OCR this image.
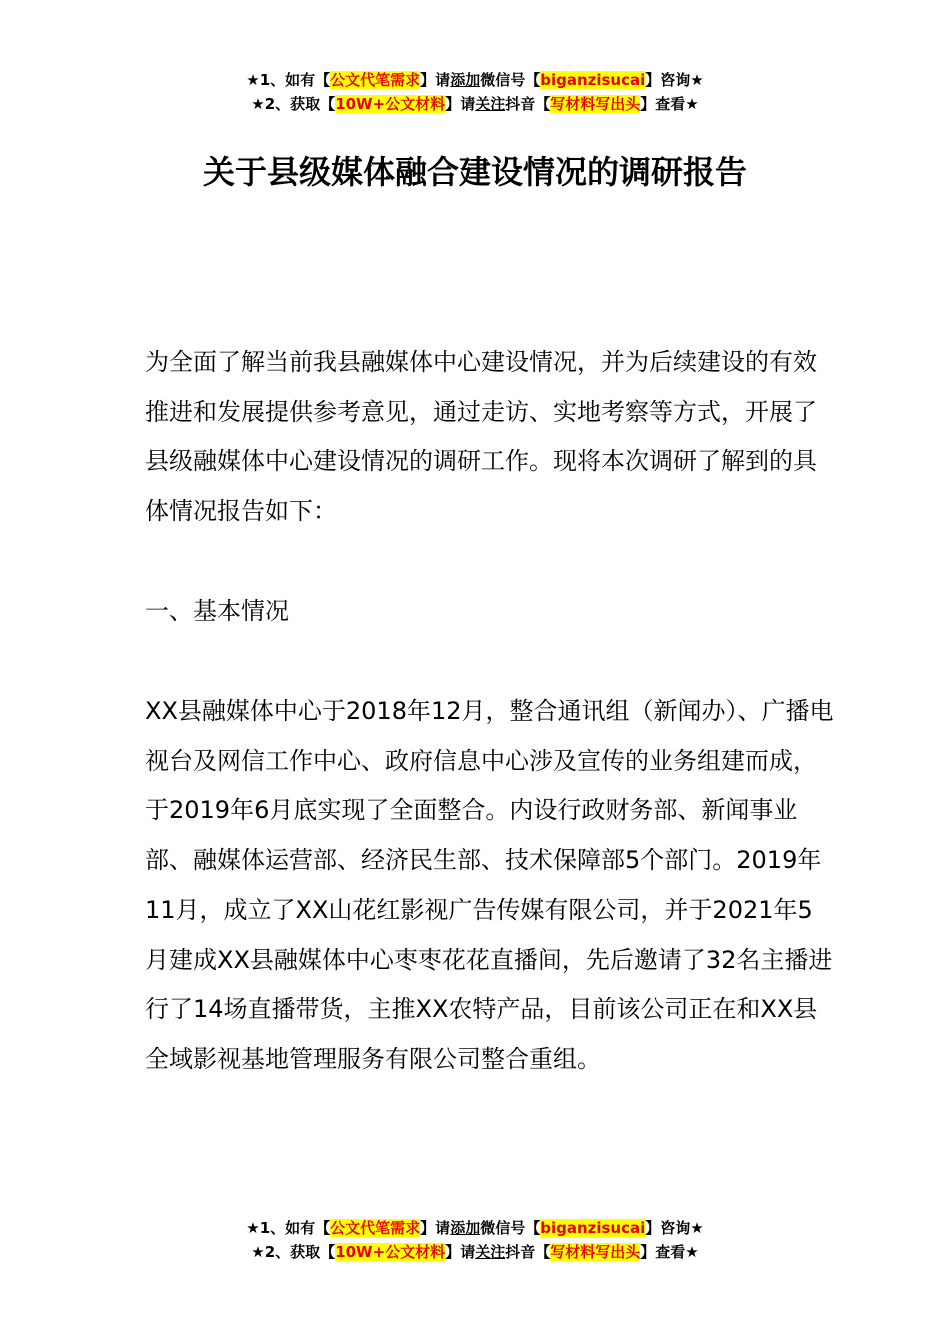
★1、如有【公文代笔需求】请添加微信号【biganzisucai】咨询★
★2、获取【10W+公文材料】请关注抖音【写材料写出头】查看★
关于县级媒体融合建设情况的调研报告

为全面了解当前我县融媒体中心建设情况，并为后续建设的有效推进和发展提供参考意见，通过走访、实地考察等方式，开展了县级融媒体中心建设情况的调研工作。现将本次调研了解到的具体情况报告如下：

一、基本情况

XX县融媒体中心于2018年12月，整合通讯组（新闻办）、广播电视台及网信工作中心、政府信息中心涉及宣传的业务组建而成，于2019年6月底实现了全面整合。内设行政财务部、新闻事业部、融媒体运营部、经济民生部、技术保障部5个部门。2019年11月，成立了XX山花红影视广告传媒有限公司，并于2021年5月建成XX县融媒体中心枣枣花花直播间，先后邀请了32名主播进行了14场直播带货，主推XX农特产品，目前该公司正在和XX县全域影视基地管理服务有限公司整合重组。

★1、如有【公文代笔需求】请添加微信号【biganzisucai】咨询★
★2、获取【10W+公文材料】请关注抖音【写材料写出头】查看★
